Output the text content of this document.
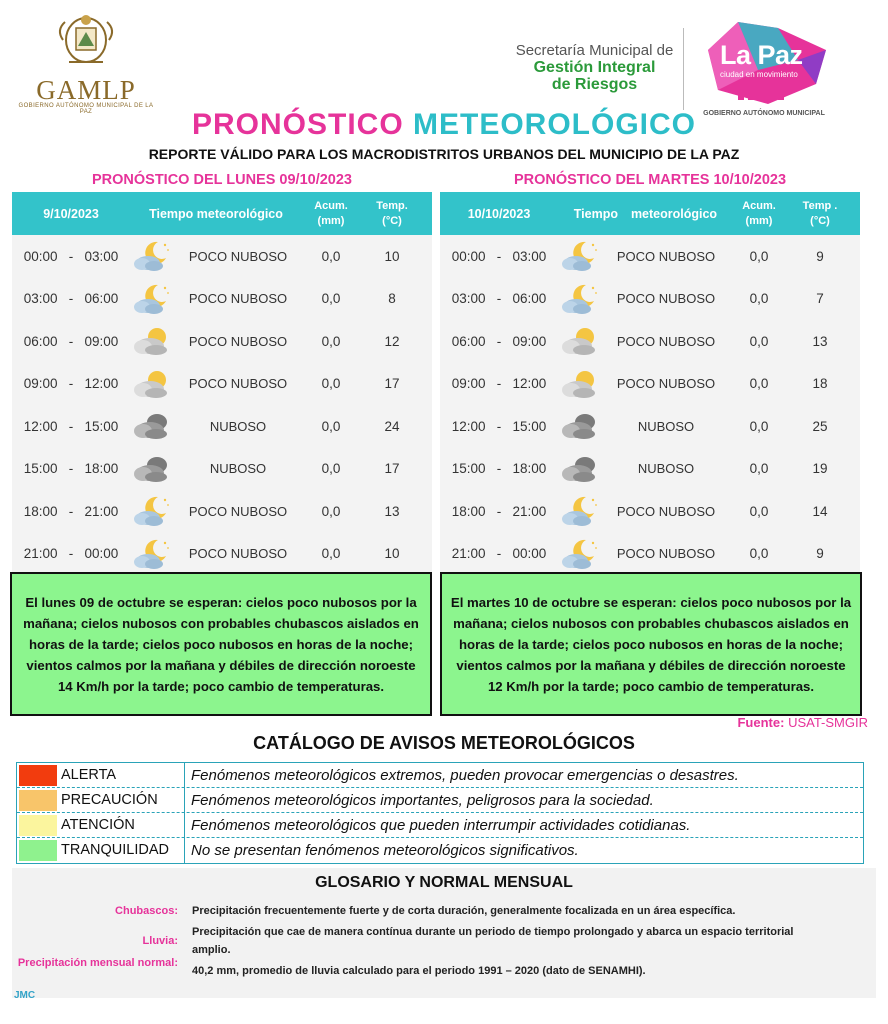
GAMLP
GOBIERNO AUTÓNOMO MUNICIPAL DE LA PAZ
Secretaría Municipal de
Gestión Integral
de Riesgos
La Paz
ciudad en movimiento
GOBIERNO AUTÓNOMO MUNICIPAL
PRONÓSTICO METEOROLÓGICO
REPORTE VÁLIDO PARA LOS MACRODISTRITOS URBANOS DEL MUNICIPIO DE LA PAZ
PRONÓSTICO DEL LUNES 09/10/2023
9/10/2023	Tiempo meteorológico
Acum.
(mm)
Temp.
(°C)
00:00   -   03:00	POCO NUBOSO	0,0	10
03:00   -   06:00	POCO NUBOSO	0,0	8
06:00   -   09:00	POCO NUBOSO	0,0	12
09:00   -   12:00	POCO NUBOSO	0,0	17
12:00   -   15:00	NUBOSO	0,0	24
15:00   -   18:00	NUBOSO	0,0	17
18:00   -   21:00	POCO NUBOSO	0,0	13
21:00   -   00:00	POCO NUBOSO	0,0	10
PRONÓSTICO DEL MARTES 10/10/2023
10/10/2023	Tiempo	meteorológico
Acum.
(mm)
Temp .
(°C)
00:00   -   03:00	POCO NUBOSO	0,0	9
03:00   -   06:00	POCO NUBOSO	0,0	7
06:00   -   09:00	POCO NUBOSO	0,0	13
09:00   -   12:00	POCO NUBOSO	0,0	18
12:00   -   15:00	NUBOSO	0,0	25
15:00   -   18:00	NUBOSO	0,0	19
18:00   -   21:00	POCO NUBOSO	0,0	14
21:00   -   00:00	POCO NUBOSO	0,0	9
El lunes 09 de octubre se esperan: cielos poco nubosos por la mañana; cielos nubosos con probables chubascos aislados en horas de la tarde; cielos poco nubosos en horas de la noche; vientos calmos por la mañana y débiles de dirección noroeste 14 Km/h por la tarde; poco cambio de temperaturas.
El martes 10 de octubre se esperan: cielos poco nubosos por la mañana; cielos nubosos con probables chubascos aislados en horas de la tarde; cielos poco nubosos en horas de la noche; vientos calmos por la mañana y débiles de dirección noroeste 12 Km/h por la tarde; poco cambio de temperaturas.
Fuente: USAT-SMGIR
CATÁLOGO DE AVISOS METEOROLÓGICOS
ALERTA	Fenómenos meteorológicos extremos, pueden provocar emergencias o desastres.
PRECAUCIÓN	Fenómenos meteorológicos importantes, peligrosos para la sociedad.
ATENCIÓN	Fenómenos meteorológicos que pueden interrumpir actividades cotidianas.
TRANQUILIDAD	No se presentan fenómenos meteorológicos significativos.
GLOSARIO Y NORMAL MENSUAL
Chubascos: Precipitación frecuentemente fuerte y de corta duración, generalmente focalizada en un área específica.
Lluvia:
Precipitación que cae de manera contínua durante un periodo de tiempo prolongado y abarca un espacio territorial amplio.
Precipitación mensual normal:
40,2 mm, promedio de lluvia calculado para el periodo 1991 – 2020 (dato de SENAMHI).
JMC
